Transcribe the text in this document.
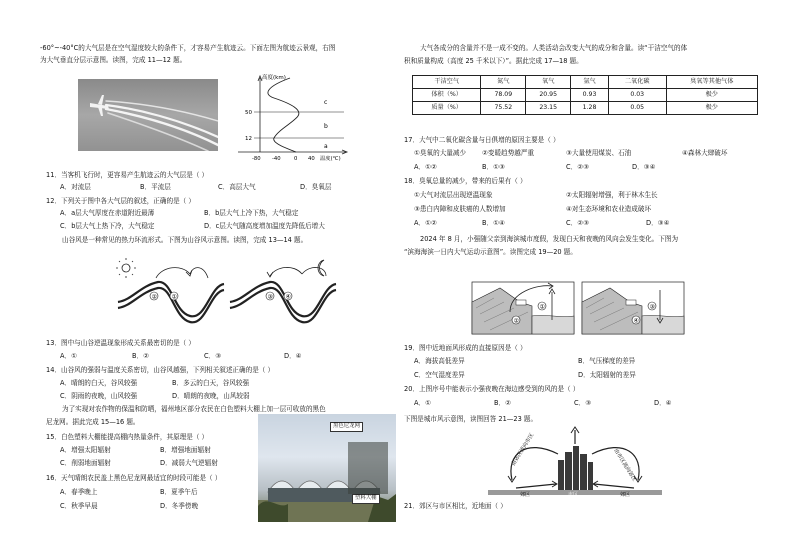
-60°~-40°C的大气层是在空气湿度较大的条件下，才容易产生航迹云。下面左图为航迹云景观，右图
为大气垂直分层示意图。读图，完成 11—12 题。
高度(km)
50
12
c
b
a
-80 -40	0 40 温度(℃)
11．当客机飞行时，更容易产生航迹云的大气层是（ ）
A．对流层	B．平流层	C．高层大气	D．臭氧层
12．下列关于图中各大气层的叙述，正确的是（ ）
A．a层大气厚度在赤道附近最薄	B．b层大气上冷下热，大气稳定
C．b层大气上热下冷，大气稳定	D．c层大气随高度增加温度先降低后增大
山谷风是一种常见的热力环流形式。下图为山谷风示意图。读图，完成 13—14 题。
② ①	③ ④
13．图中与山谷逆温现象形成关系最密切的是（ ）
A．①	B．②	C．③	D．④
14．山谷风的强弱与温度关系密切，山谷风越强，下列相关叙述正确的是（ ）
A．晴朗的白天，谷风较强	B．多云的白天，谷风较强
C．阴雨的夜晚，山风较强	D．晴朗的夜晚，山风较弱
为了实现对农作物的保温和防晒，福州地区部分农民在白色塑料大棚上加一层可收放的黑色
尼龙网。据此完成 15—16 题。	黑色尼龙网
塑料大棚
15．白色塑料大棚能提高棚内热量条件，其原理是（ ）
A．增强太阳辐射	B．增强地面辐射
C．削弱地面辐射	D．减弱大气逆辐射
16．天气晴朗农民盖上黑色尼龙网最适宜的时段可能是（ ）
A．春季晚上	B．夏季午后
C．秋季早晨	D．冬季傍晚
大气各成分的含量并不是一成不变的。人类活动会改变大气的成分和含量。读“干洁空气的体
积和质量构成（高度 25 千米以下）”。据此完成 17—18 题。
干洁空气	氮气	氧气	氩气	二氧化碳	臭氧等其他气体
体积（%）	78.09	20.95	0.93	0.03	极少
质量（%）	75.52	23.15	1.28	0.05	极少
17．大气中二氧化碳含量与日俱增的原因主要是（ ）
①臭氧的大量减少 ②变暖趋势越严重	③大量使用煤炭、石油	④森林大肆破坏
A．①②	B．①③	C．②③	D．③④
18．臭氧总量的减少，带来的后果有（ ）
①大气对流层出现逆温现象	②太阳辐射增强，利于林木生长
③患白内障和皮肤癌的人数增加	④对生态环境和农业造成破坏
A．①②	B．①④	C．②③	D．③④
2024 年 8 月，小强随父亲到海滨城市度假，发现白天和夜晚的风向会发生变化。下图为
“滨海海滨一日内大气运动示意图”。读图完成 19—20 题。
①
②
③
④
19．图中近地面风形成的直接原因是（ ）
A．海拔高低差异	B．气压梯度的差异
C．空气湿度差异	D．太阳辐射的差异
20．上图序号中能表示小强夜晚在海边感受到的风的是（ ）
A．①	B．②	C．③	D．④
下图是城市风示意图，读图回答 21—23 题。
由郊区流向市区	由市区流向郊区
郊区	郊区
市区
21．郊区与市区相比，近地面（ ）
